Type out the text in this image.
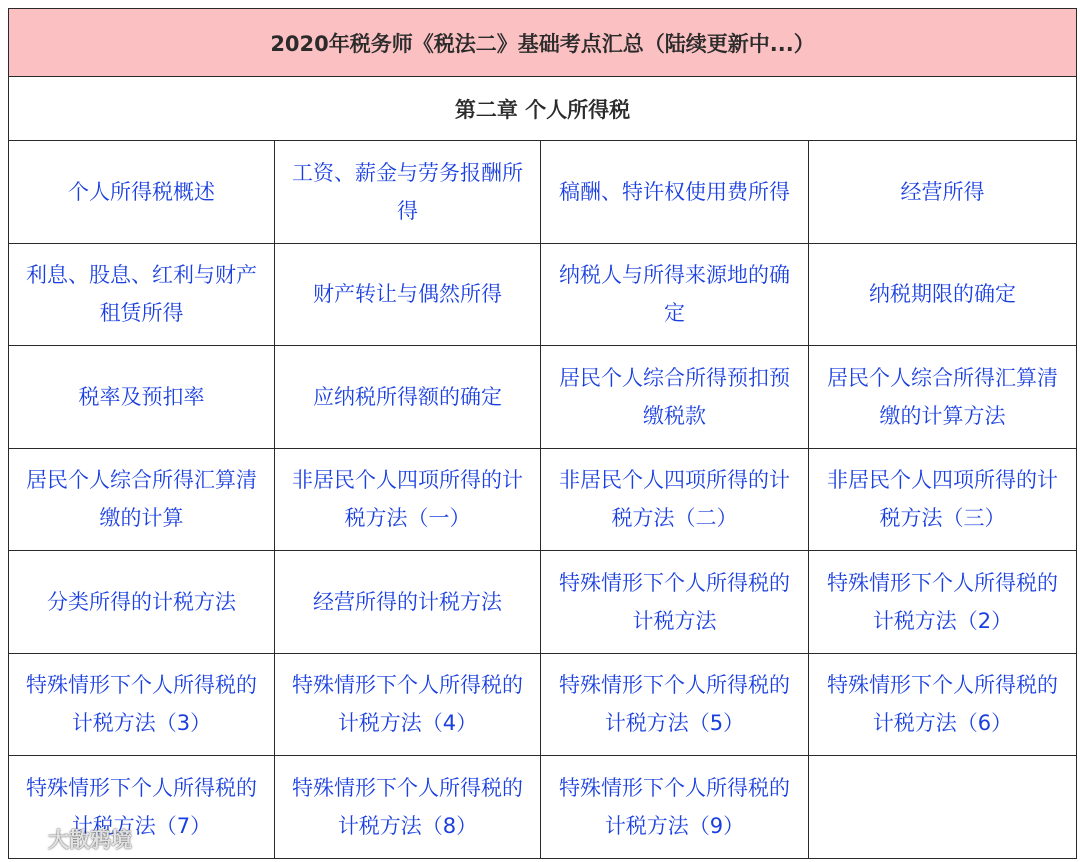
2020年税务师《税法二》基础考点汇总（陆续更新中...）			
第二章 个人所得税			
个人所得税概述	工资、薪金与劳务报酬所得	稿酬、特许权使用费所得	经营所得
利息、股息、红利与财产租赁所得	财产转让与偶然所得	纳税人与所得来源地的确定	纳税期限的确定
税率及预扣率	应纳税所得额的确定	居民个人综合所得预扣预缴税款	居民个人综合所得汇算清缴的计算方法
居民个人综合所得汇算清缴的计算	非居民个人四项所得的计税方法（一）	非居民个人四项所得的计税方法（二）	非居民个人四项所得的计税方法（三）
分类所得的计税方法	经营所得的计税方法	特殊情形下个人所得税的计税方法	特殊情形下个人所得税的计税方法（2）
特殊情形下个人所得税的计税方法（3）	特殊情形下个人所得税的计税方法（4）	特殊情形下个人所得税的计税方法（5）	特殊情形下个人所得税的计税方法（6）
特殊情形下个人所得税的计税方法（7）	特殊情形下个人所得税的计税方法（8）	特殊情形下个人所得税的计税方法（9）	
大散鸦境
